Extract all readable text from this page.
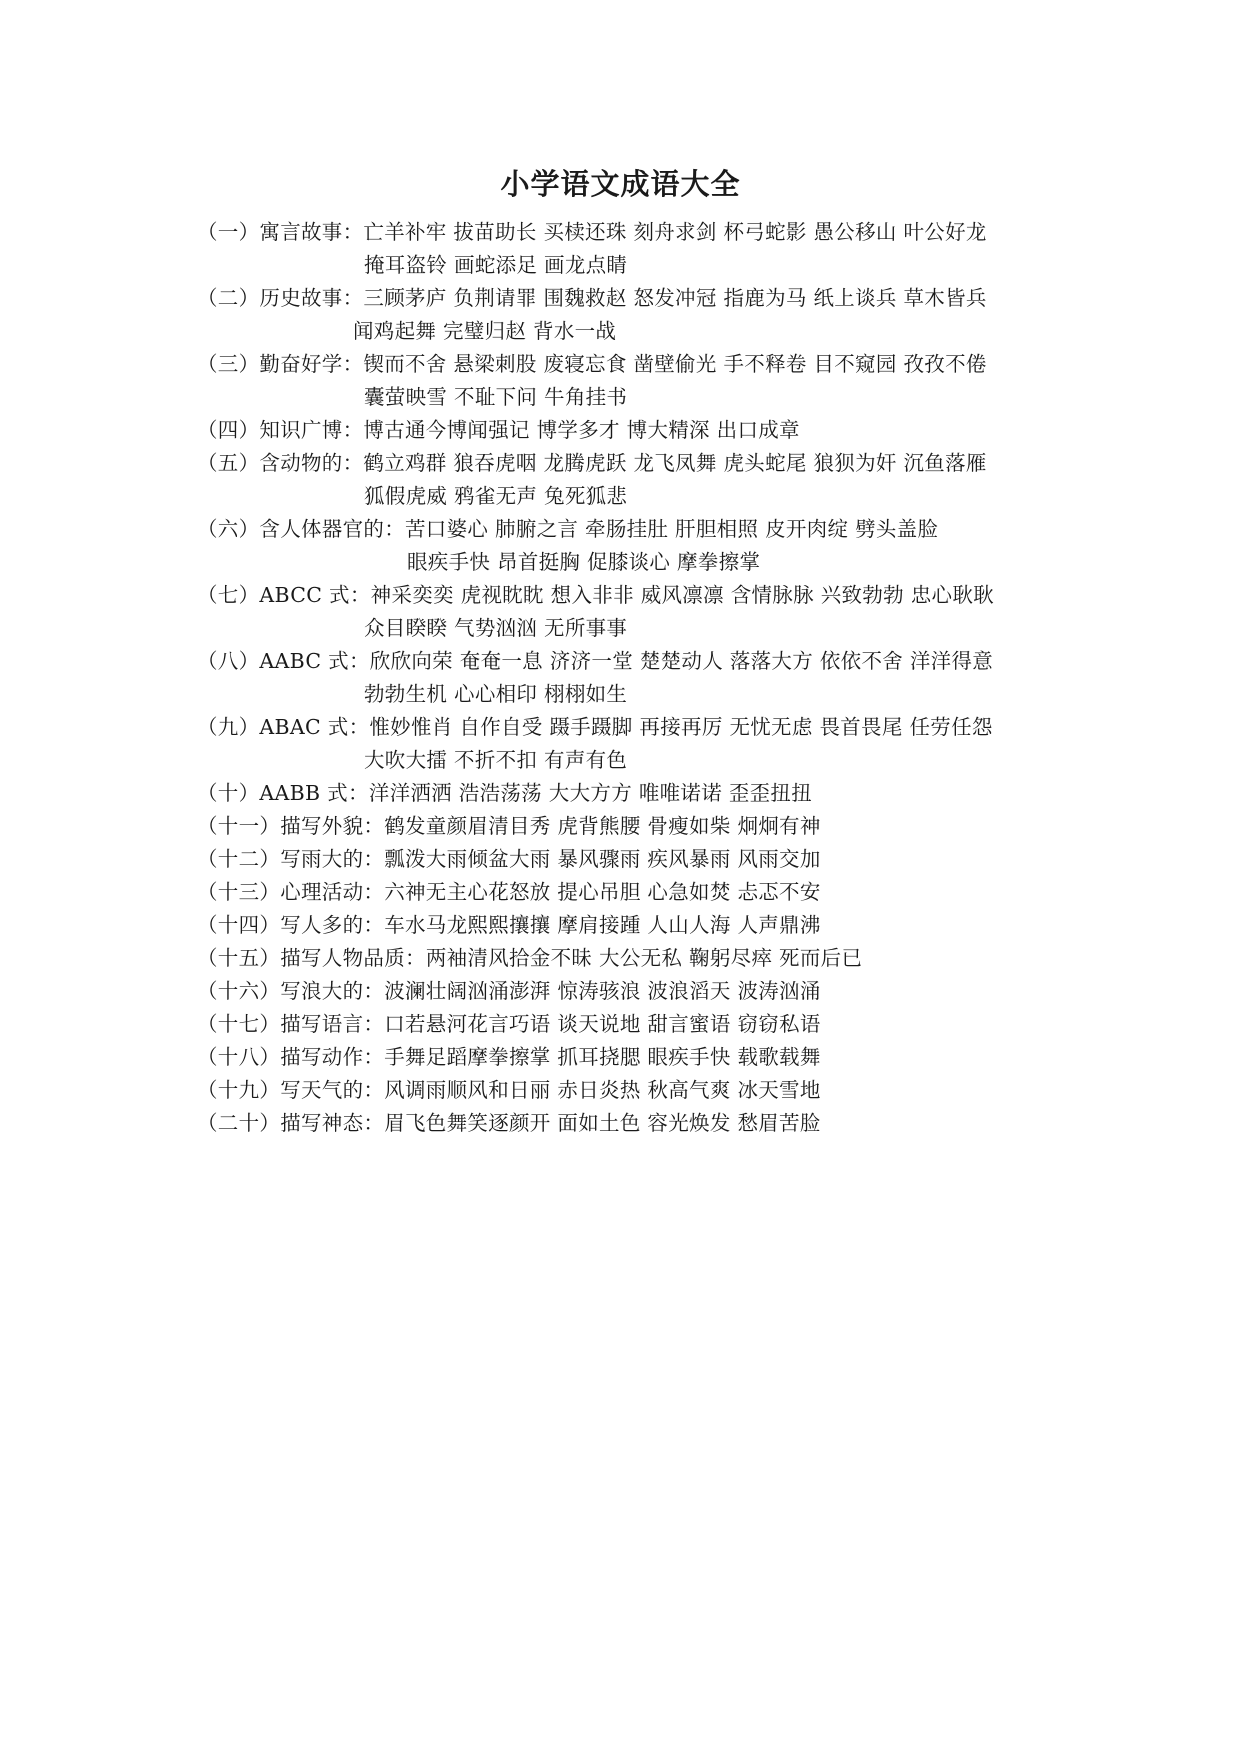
小学语文成语大全
（一）寓言故事：亡羊补牢 拔苗助长 买椟还珠 刻舟求剑 杯弓蛇影 愚公移山 叶公好龙
掩耳盗铃 画蛇添足 画龙点睛
（二）历史故事：三顾茅庐 负荆请罪 围魏救赵 怒发冲冠 指鹿为马 纸上谈兵 草木皆兵
闻鸡起舞 完璧归赵 背水一战
（三）勤奋好学：锲而不舍 悬梁刺股 废寝忘食 凿壁偷光 手不释卷 目不窥园 孜孜不倦
囊萤映雪 不耻下问 牛角挂书
（四）知识广博：博古通今博闻强记 博学多才 博大精深 出口成章
（五）含动物的：鹤立鸡群 狼吞虎咽 龙腾虎跃 龙飞凤舞 虎头蛇尾 狼狈为奸 沉鱼落雁
狐假虎威 鸦雀无声 兔死狐悲
（六）含人体器官的：苦口婆心 肺腑之言 牵肠挂肚 肝胆相照 皮开肉绽 劈头盖脸
眼疾手快 昂首挺胸 促膝谈心 摩拳擦掌
（七）ABCC 式：神采奕奕 虎视眈眈 想入非非 威风凛凛 含情脉脉 兴致勃勃 忠心耿耿
众目睽睽 气势汹汹 无所事事
（八）AABC 式：欣欣向荣 奄奄一息 济济一堂 楚楚动人 落落大方 依依不舍 洋洋得意
勃勃生机 心心相印 栩栩如生
（九）ABAC 式：惟妙惟肖 自作自受 蹑手蹑脚 再接再厉 无忧无虑 畏首畏尾 任劳任怨
大吹大擂 不折不扣 有声有色
（十）AABB 式：洋洋洒洒 浩浩荡荡 大大方方 唯唯诺诺 歪歪扭扭
（十一）描写外貌：鹤发童颜眉清目秀 虎背熊腰 骨瘦如柴 炯炯有神
（十二）写雨大的：瓢泼大雨倾盆大雨 暴风骤雨 疾风暴雨 风雨交加
（十三）心理活动：六神无主心花怒放 提心吊胆 心急如焚 忐忑不安
（十四）写人多的：车水马龙熙熙攘攘 摩肩接踵 人山人海 人声鼎沸
（十五）描写人物品质：两袖清风拾金不昧 大公无私 鞠躬尽瘁 死而后已
（十六）写浪大的：波澜壮阔汹涌澎湃 惊涛骇浪 波浪滔天 波涛汹涌
（十七）描写语言：口若悬河花言巧语 谈天说地 甜言蜜语 窃窃私语
（十八）描写动作：手舞足蹈摩拳擦掌 抓耳挠腮 眼疾手快 载歌载舞
（十九）写天气的：风调雨顺风和日丽 赤日炎热 秋高气爽 冰天雪地
（二十）描写神态：眉飞色舞笑逐颜开 面如土色 容光焕发 愁眉苦脸
